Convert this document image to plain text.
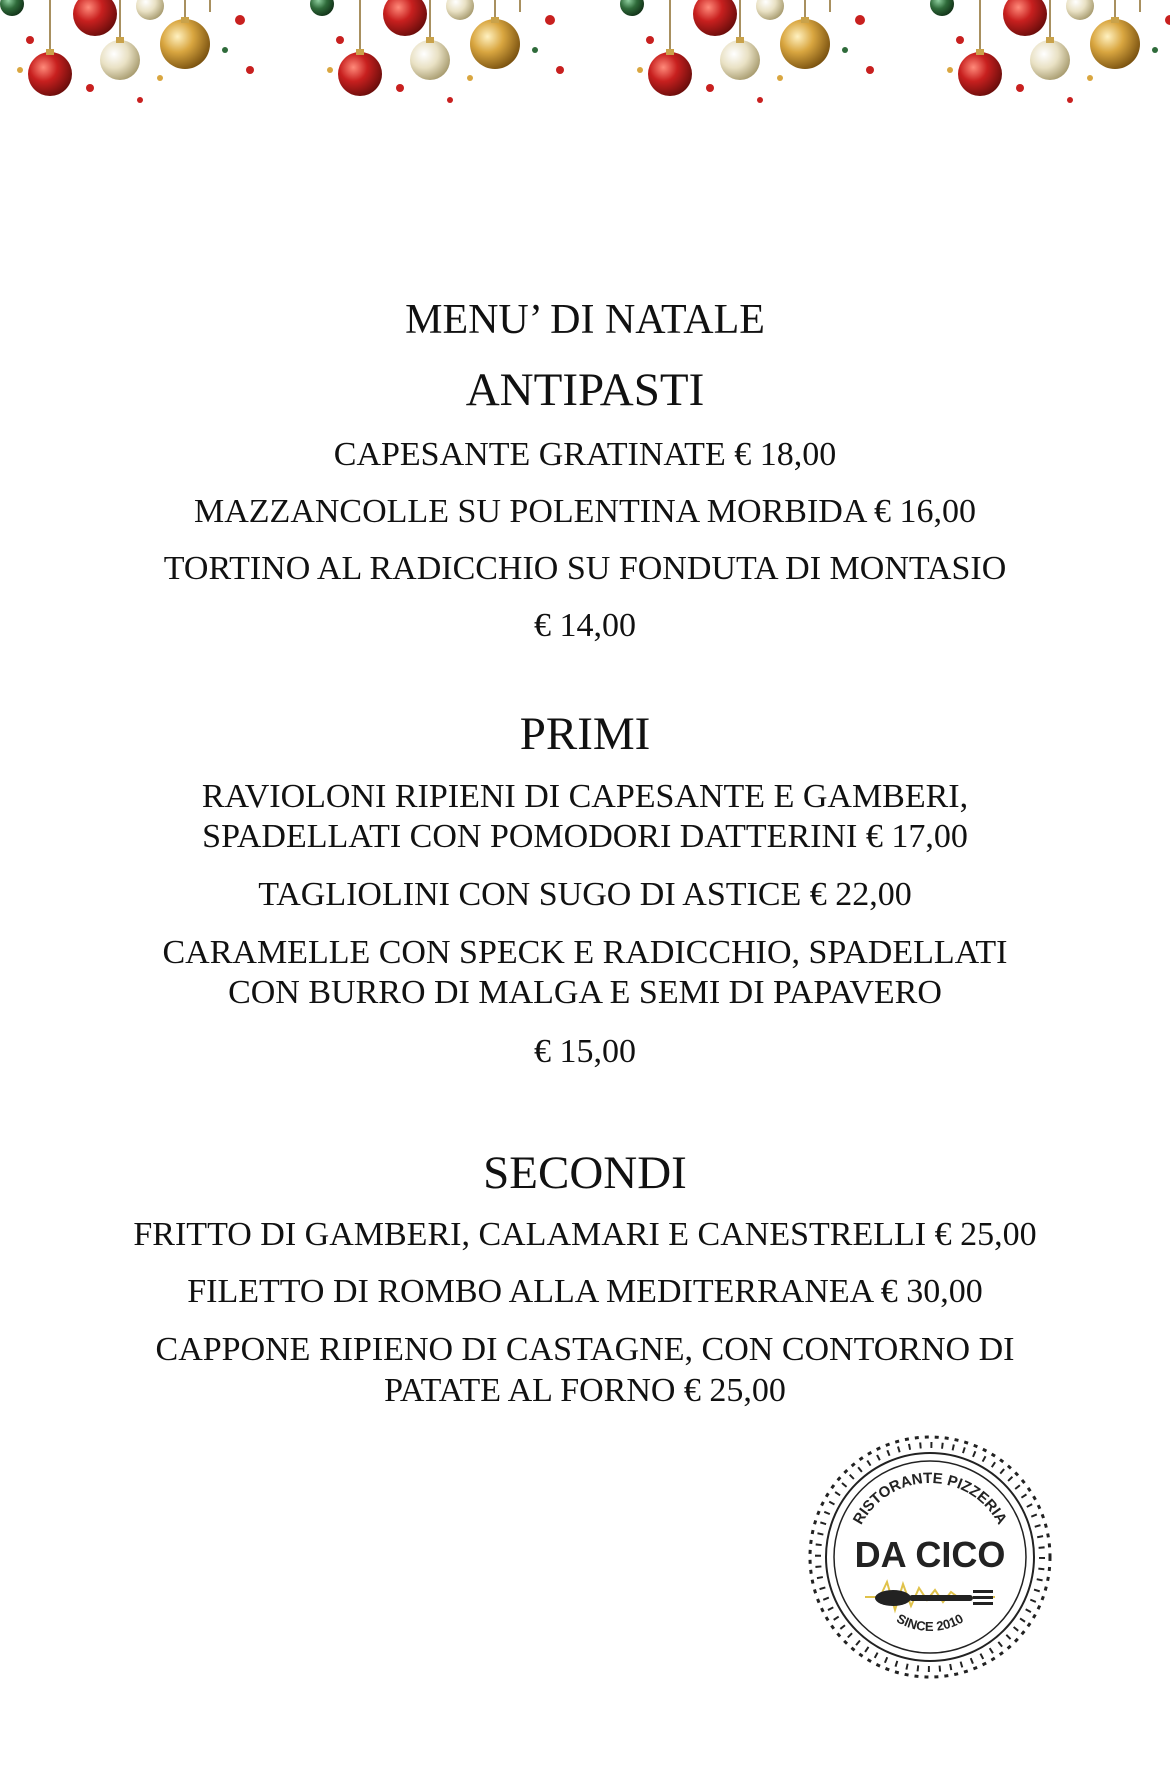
MENU’ DI NATALE
ANTIPASTI
CAPESANTE GRATINATE € 18,00
MAZZANCOLLE SU POLENTINA MORBIDA € 16,00
TORTINO AL RADICCHIO SU FONDUTA DI MONTASIO
€ 14,00
PRIMI
RAVIOLONI RIPIENI DI CAPESANTE E GAMBERI,
SPADELLATI CON POMODORI DATTERINI € 17,00
TAGLIOLINI CON SUGO DI ASTICE € 22,00
CARAMELLE CON SPECK E RADICCHIO, SPADELLATI
CON BURRO DI MALGA E SEMI DI PAPAVERO
€ 15,00
SECONDI
FRITTO DI GAMBERI, CALAMARI E CANESTRELLI € 25,00
FILETTO DI ROMBO ALLA MEDITERRANEA € 30,00
CAPPONE RIPIENO DI CASTAGNE, CON CONTORNO DI
PATATE AL FORNO € 25,00
RISTORANTE PIZZERIA
DA CICO
SINCE 2010
